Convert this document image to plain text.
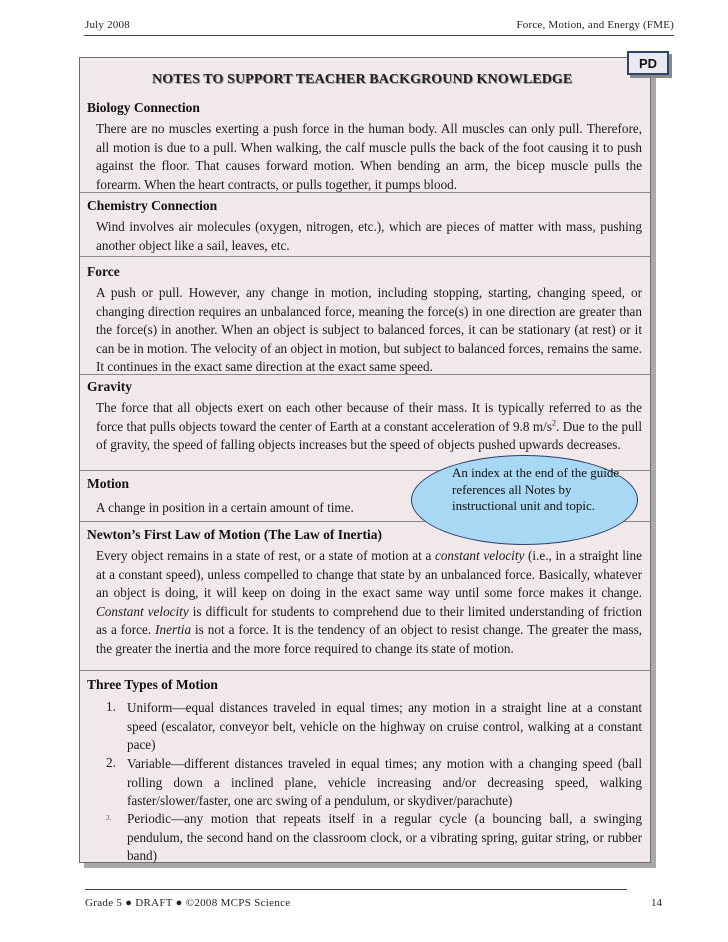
July 2008	Force, Motion, and Energy (FME)
PD
NOTES TO SUPPORT TEACHER BACKGROUND KNOWLEDGE
Biology Connection
There are no muscles exerting a push force in the human body. All muscles can only pull. Therefore, all motion is due to a pull. When walking, the calf muscle pulls the back of the foot causing it to push against the floor. That causes forward motion. When bending an arm, the bicep muscle pulls the forearm. When the heart contracts, or pulls together, it pumps blood.
Chemistry Connection
Wind involves air molecules (oxygen, nitrogen, etc.), which are pieces of matter with mass, pushing another object like a sail, leaves, etc.
Force
A push or pull. However, any change in motion, including stopping, starting, changing speed, or changing direction requires an unbalanced force, meaning the force(s) in one direction are greater than the force(s) in another. When an object is subject to balanced forces, it can be stationary (at rest) or it can be in motion. The velocity of an object in motion, but subject to balanced forces, remains the same. It continues in the exact same direction at the exact same speed.
Gravity
The force that all objects exert on each other because of their mass. It is typically referred to as the force that pulls objects toward the center of Earth at a constant acceleration of 9.8 $m/s^2$. Due to the pull of gravity, the speed of falling objects increases but the speed of objects pushed upwards decreases.
Motion
A change in position in a certain amount of time.
Newton’s First Law of Motion (The Law of Inertia)
Every object remains in a state of rest, or a state of motion at a constant velocity (i.e., in a straight line at a constant speed), unless compelled to change that state by an unbalanced force. Basically, whatever an object is doing, it will keep on doing in the exact same way until some force makes it change. Constant velocity is difficult for students to comprehend due to their limited understanding of friction as a force. Inertia is not a force. It is the tendency of an object to resist change. The greater the mass, the greater the inertia and the more force required to change its state of motion.
Three Types of Motion
1. Uniform—equal distances traveled in equal times; any motion in a straight line at a constant speed (escalator, conveyor belt, vehicle on the highway on cruise control, walking at a constant pace)
2. Variable—different distances traveled in equal times; any motion with a changing speed (ball rolling down a inclined plane, vehicle increasing and/or decreasing speed, walking faster/slower/faster, one arc swing of a pendulum, or skydiver/parachute)
3. Periodic—any motion that repeats itself in a regular cycle (a bouncing ball, a swinging pendulum, the second hand on the classroom clock, or a vibrating spring, guitar string, or rubber band)
An index at the end of the guide references all Notes by instructional unit and topic.
Grade 5 ● DRAFT ● ©2008 MCPS Science	14
